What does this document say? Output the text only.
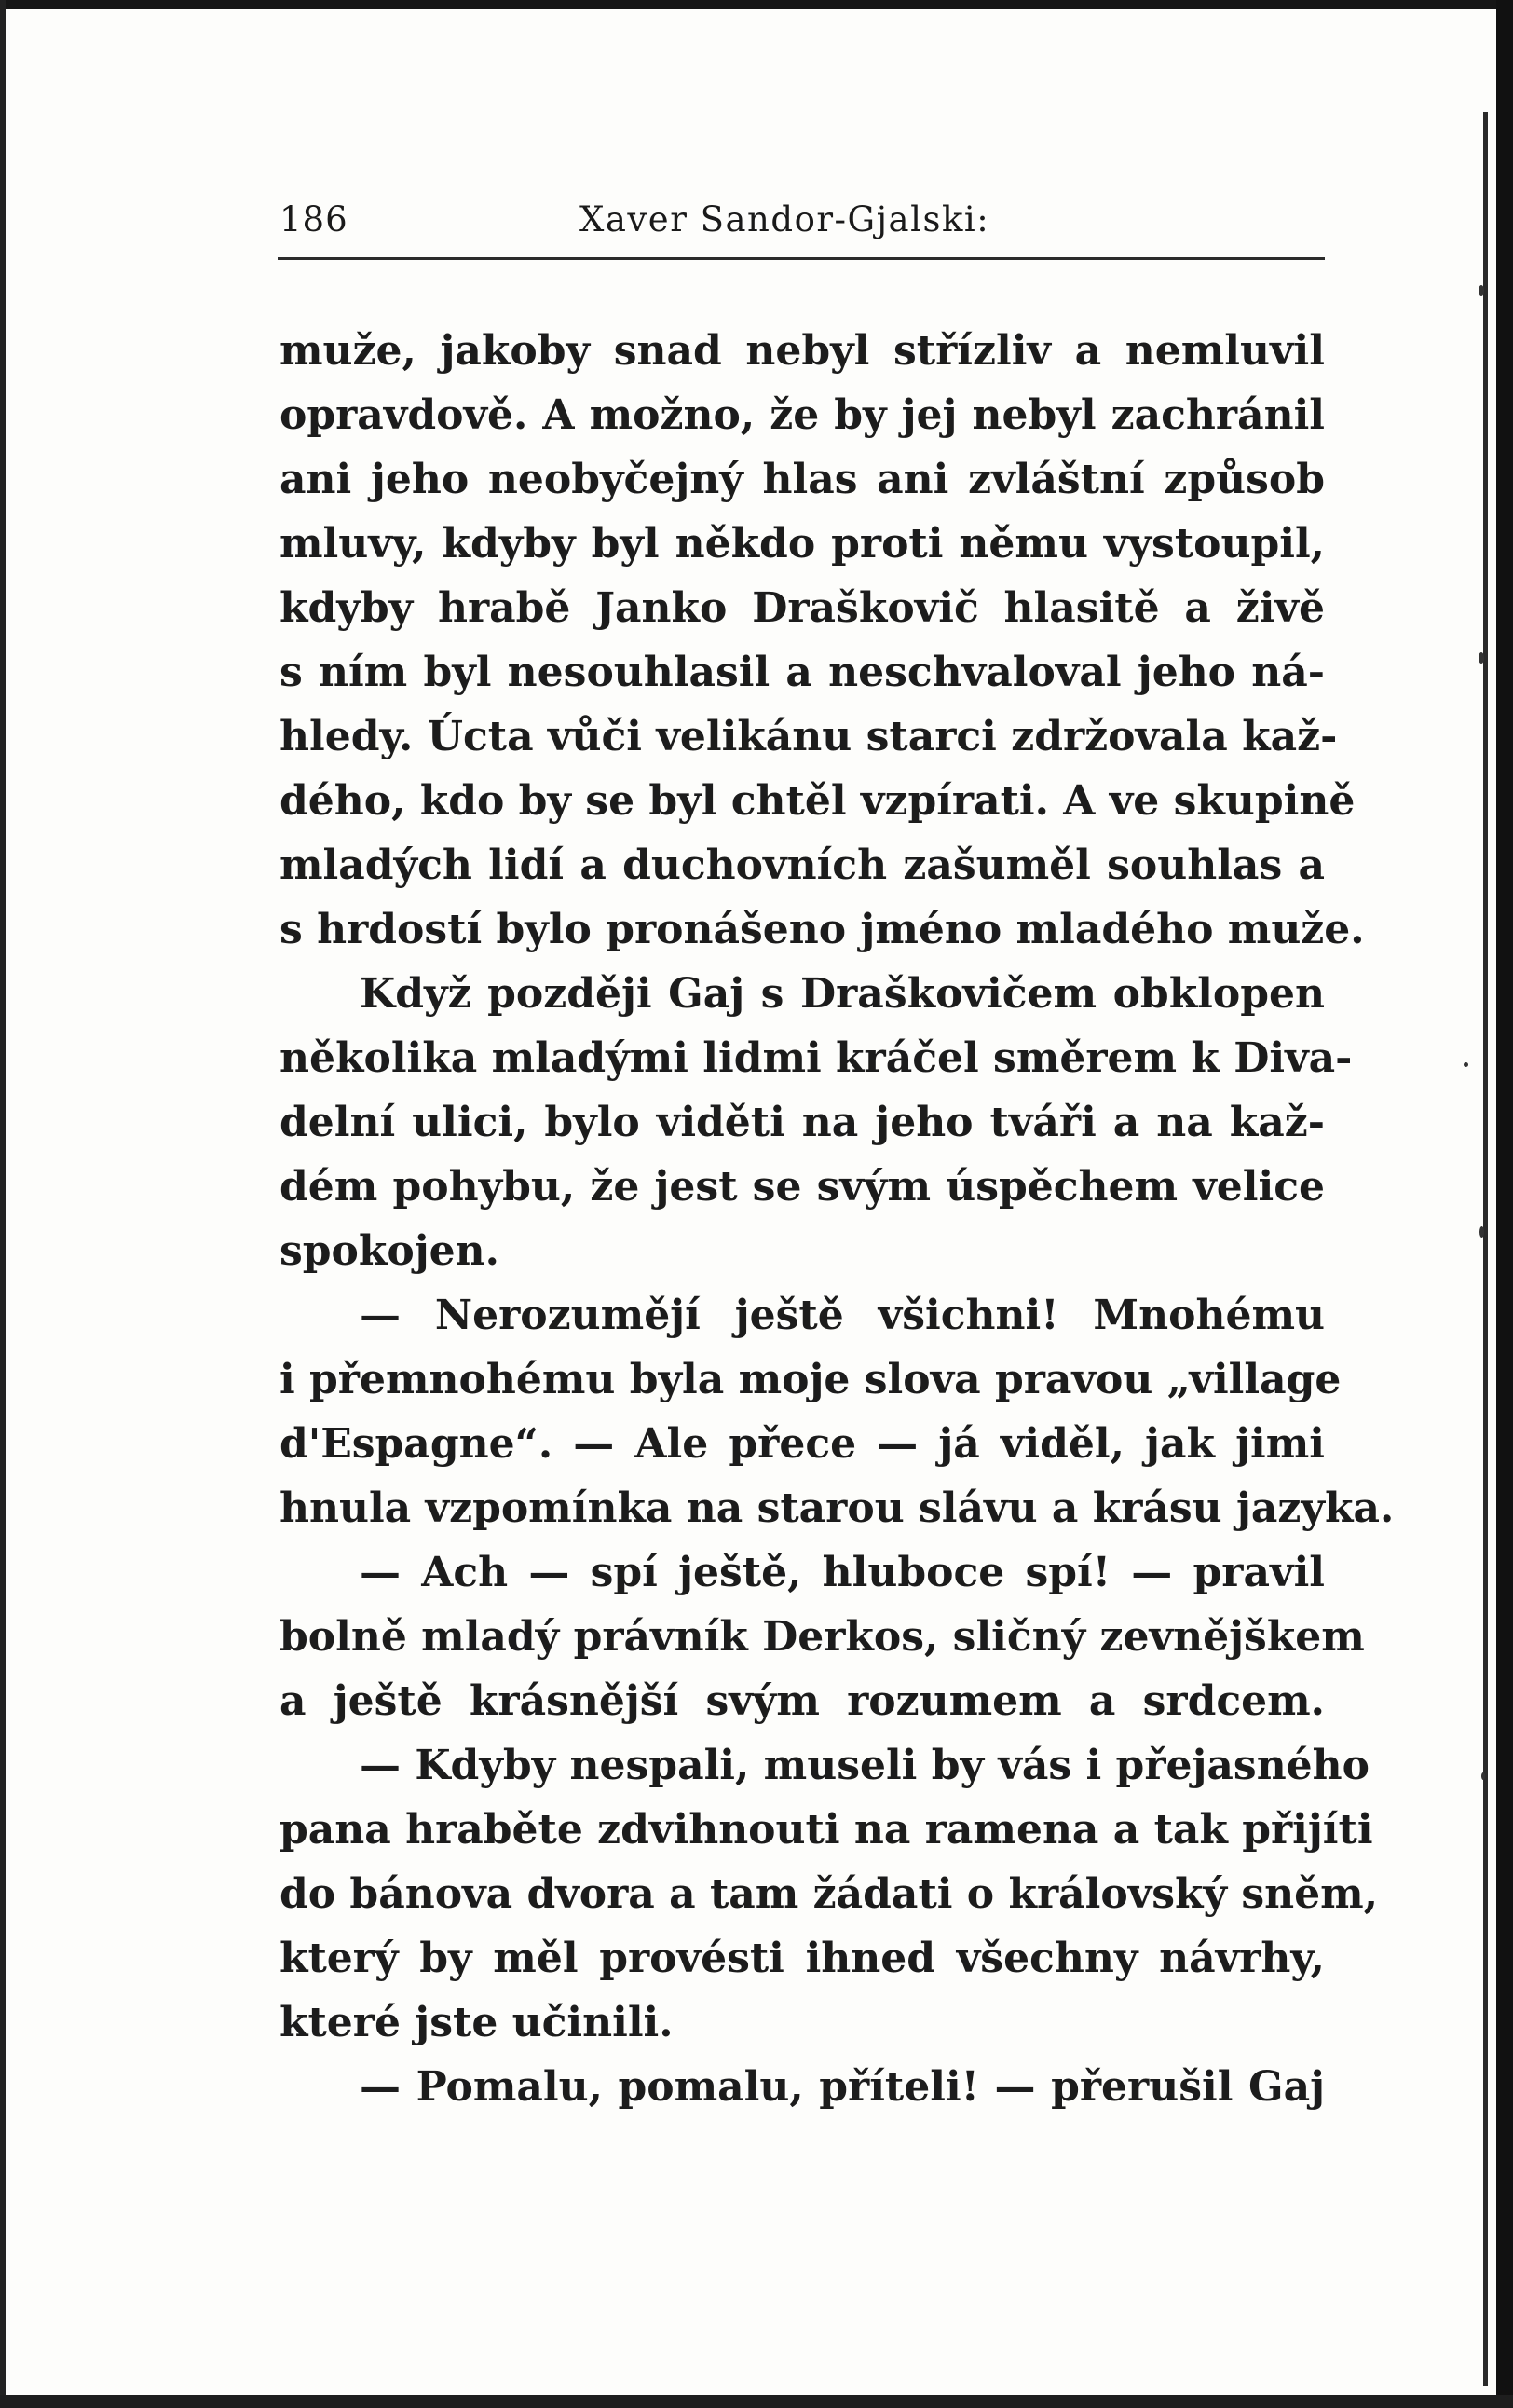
186	Xaver Sandor-Gjalski:
muže, jakoby snad nebyl střízliv a nemluvil
opravdově. A možno, že by jej nebyl zachránil
ani jeho neobyčejný hlas ani zvláštní způsob
mluvy, kdyby byl někdo proti němu vystoupil,
kdyby hrabě Janko Draškovič hlasitě a živě
s ním byl nesouhlasil a neschvaloval jeho ná-
hledy. Úcta vůči velikánu starci zdržovala kaž-
dého, kdo by se byl chtěl vzpírati. A ve skupině
mladých lidí a duchovních zašuměl souhlas a
s hrdostí bylo pronášeno jméno mladého muže.
Když později Gaj s Draškovičem obklopen
několika mladými lidmi kráčel směrem k Diva-
delní ulici, bylo viděti na jeho tváři a na kaž-
dém pohybu, že jest se svým úspěchem velice
spokojen.
— Nerozumějí ještě všichni! Mnohému
i přemnohému byla moje slova pravou „village
d'Espagne“. — Ale přece — já viděl, jak jimi
hnula vzpomínka na starou slávu a krásu jazyka.
— Ach — spí ještě, hluboce spí! — pravil
bolně mladý právník Derkos, sličný zevnějškem
a ještě krásnější svým rozumem a srdcem.
— Kdyby nespali, museli by vás i přejasného
pana hraběte zdvihnouti na ramena a tak přijíti
do bánova dvora a tam žádati o královský sněm,
který by měl provésti ihned všechny návrhy,
které jste učinili.
— Pomalu, pomalu, příteli! — přerušil Gaj
